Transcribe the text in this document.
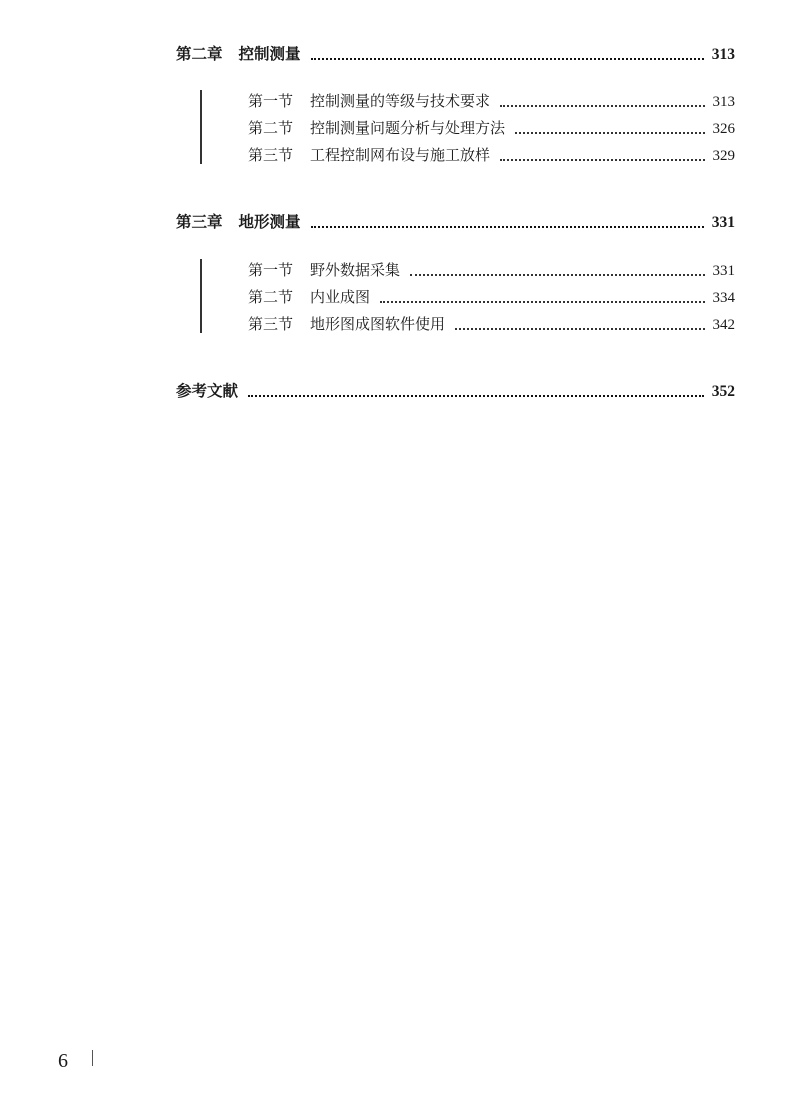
第二章 控制测量	313
第一节 控制测量的等级与技术要求	313
第二节 控制测量问题分析与处理方法	326
第三节 工程控制网布设与施工放样	329
第三章 地形测量	331
第一节 野外数据采集	331
第二节 内业成图	334
第三节 地形图成图软件使用	342
参考文献	352
6
